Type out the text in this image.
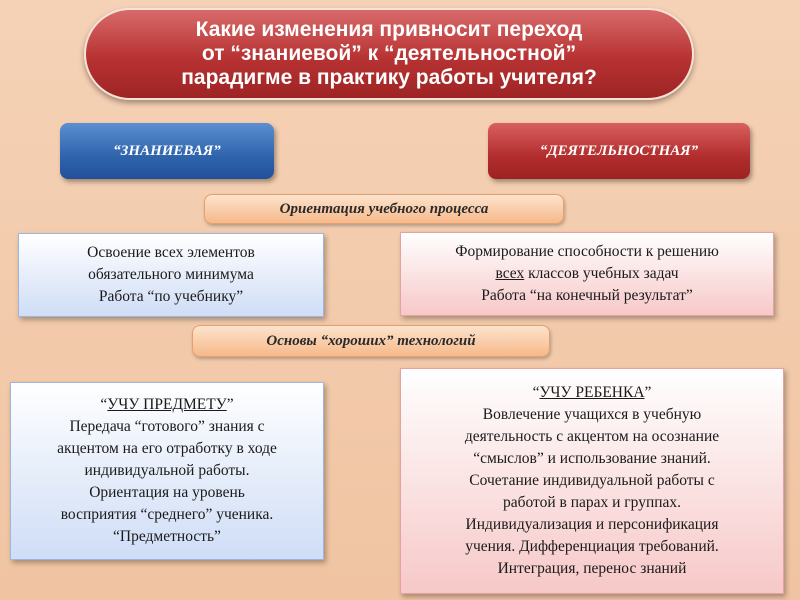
Какие изменения привносит переход
от “знаниевой” к “деятельностной”
парадигме в практику работы учителя?
“ЗНАНИЕВАЯ”	“ДЕЯТЕЛЬНОСТНАЯ”
Ориентация учебного процесса
Освоение всех элементов
обязательного минимума
Работа “по учебнику”
Формирование способности к решению
всех классов учебных задач
Работа “на конечный результат”
Основы “хороших” технологий
“УЧУ ПРЕДМЕТУ”
Передача “готового” знания с
акцентом на его отработку в ходе
индивидуальной работы.
Ориентация на уровень
восприятия “среднего” ученика.
“Предметность”
“УЧУ РЕБЕНКА”
Вовлечение учащихся в учебную
деятельность с акцентом на осознание
“смыслов” и использование знаний.
Сочетание индивидуальной работы с
работой в парах и группах.
Индивидуализация и персонификация
учения. Дифференциация требований.
Интеграция, перенос знаний
